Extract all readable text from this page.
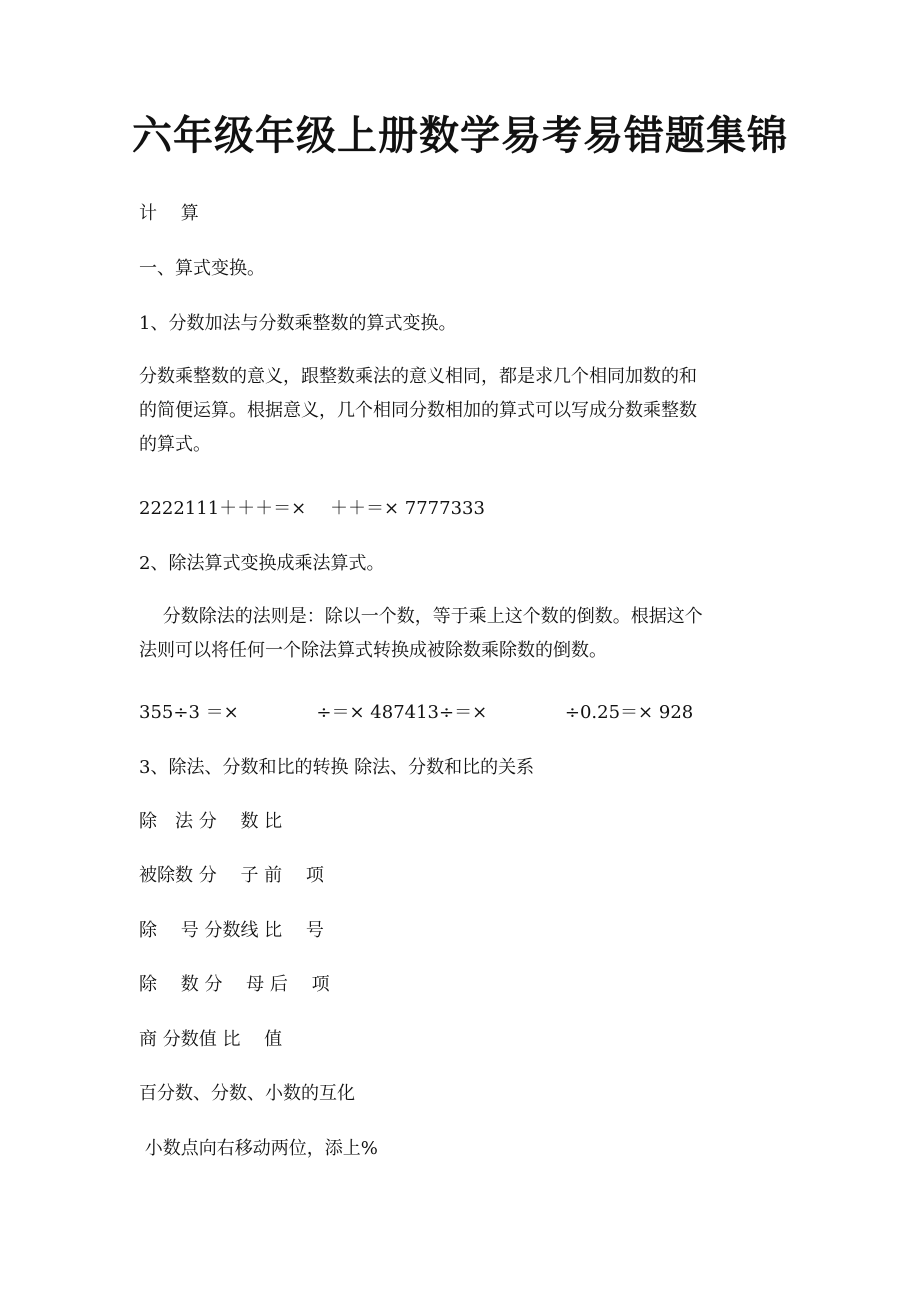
六年级年级上册数学易考易错题集锦

计　 算

一、算式变换。

1、分数加法与分数乘整数的算式变换。

分数乘整数的意义，跟整数乘法的意义相同，都是求几个相同加数的和
的简便运算。根据意义，几个相同分数相加的算式可以写成分数乘整数
的算式。

2222111＋＋＋＝×　 ＋＋＝× 7777333

2、除法算式变换成乘法算式。

　 分数除法的法则是：除以一个数，等于乘上这个数的倒数。根据这个
法则可以将任何一个除法算式转换成被除数乘除数的倒数。

355÷3 ＝×　　　　 ÷＝× 487413÷＝×　　　　 ÷0.25＝× 928

3、除法、分数和比的转换 除法、分数和比的关系

除　法 分　 数 比

被除数 分　 子 前　 项

除　 号 分数线 比　 号

除　 数 分　 母 后　 项

商 分数值 比　 值

百分数、分数、小数的互化

小数点向右移动两位，添上%
